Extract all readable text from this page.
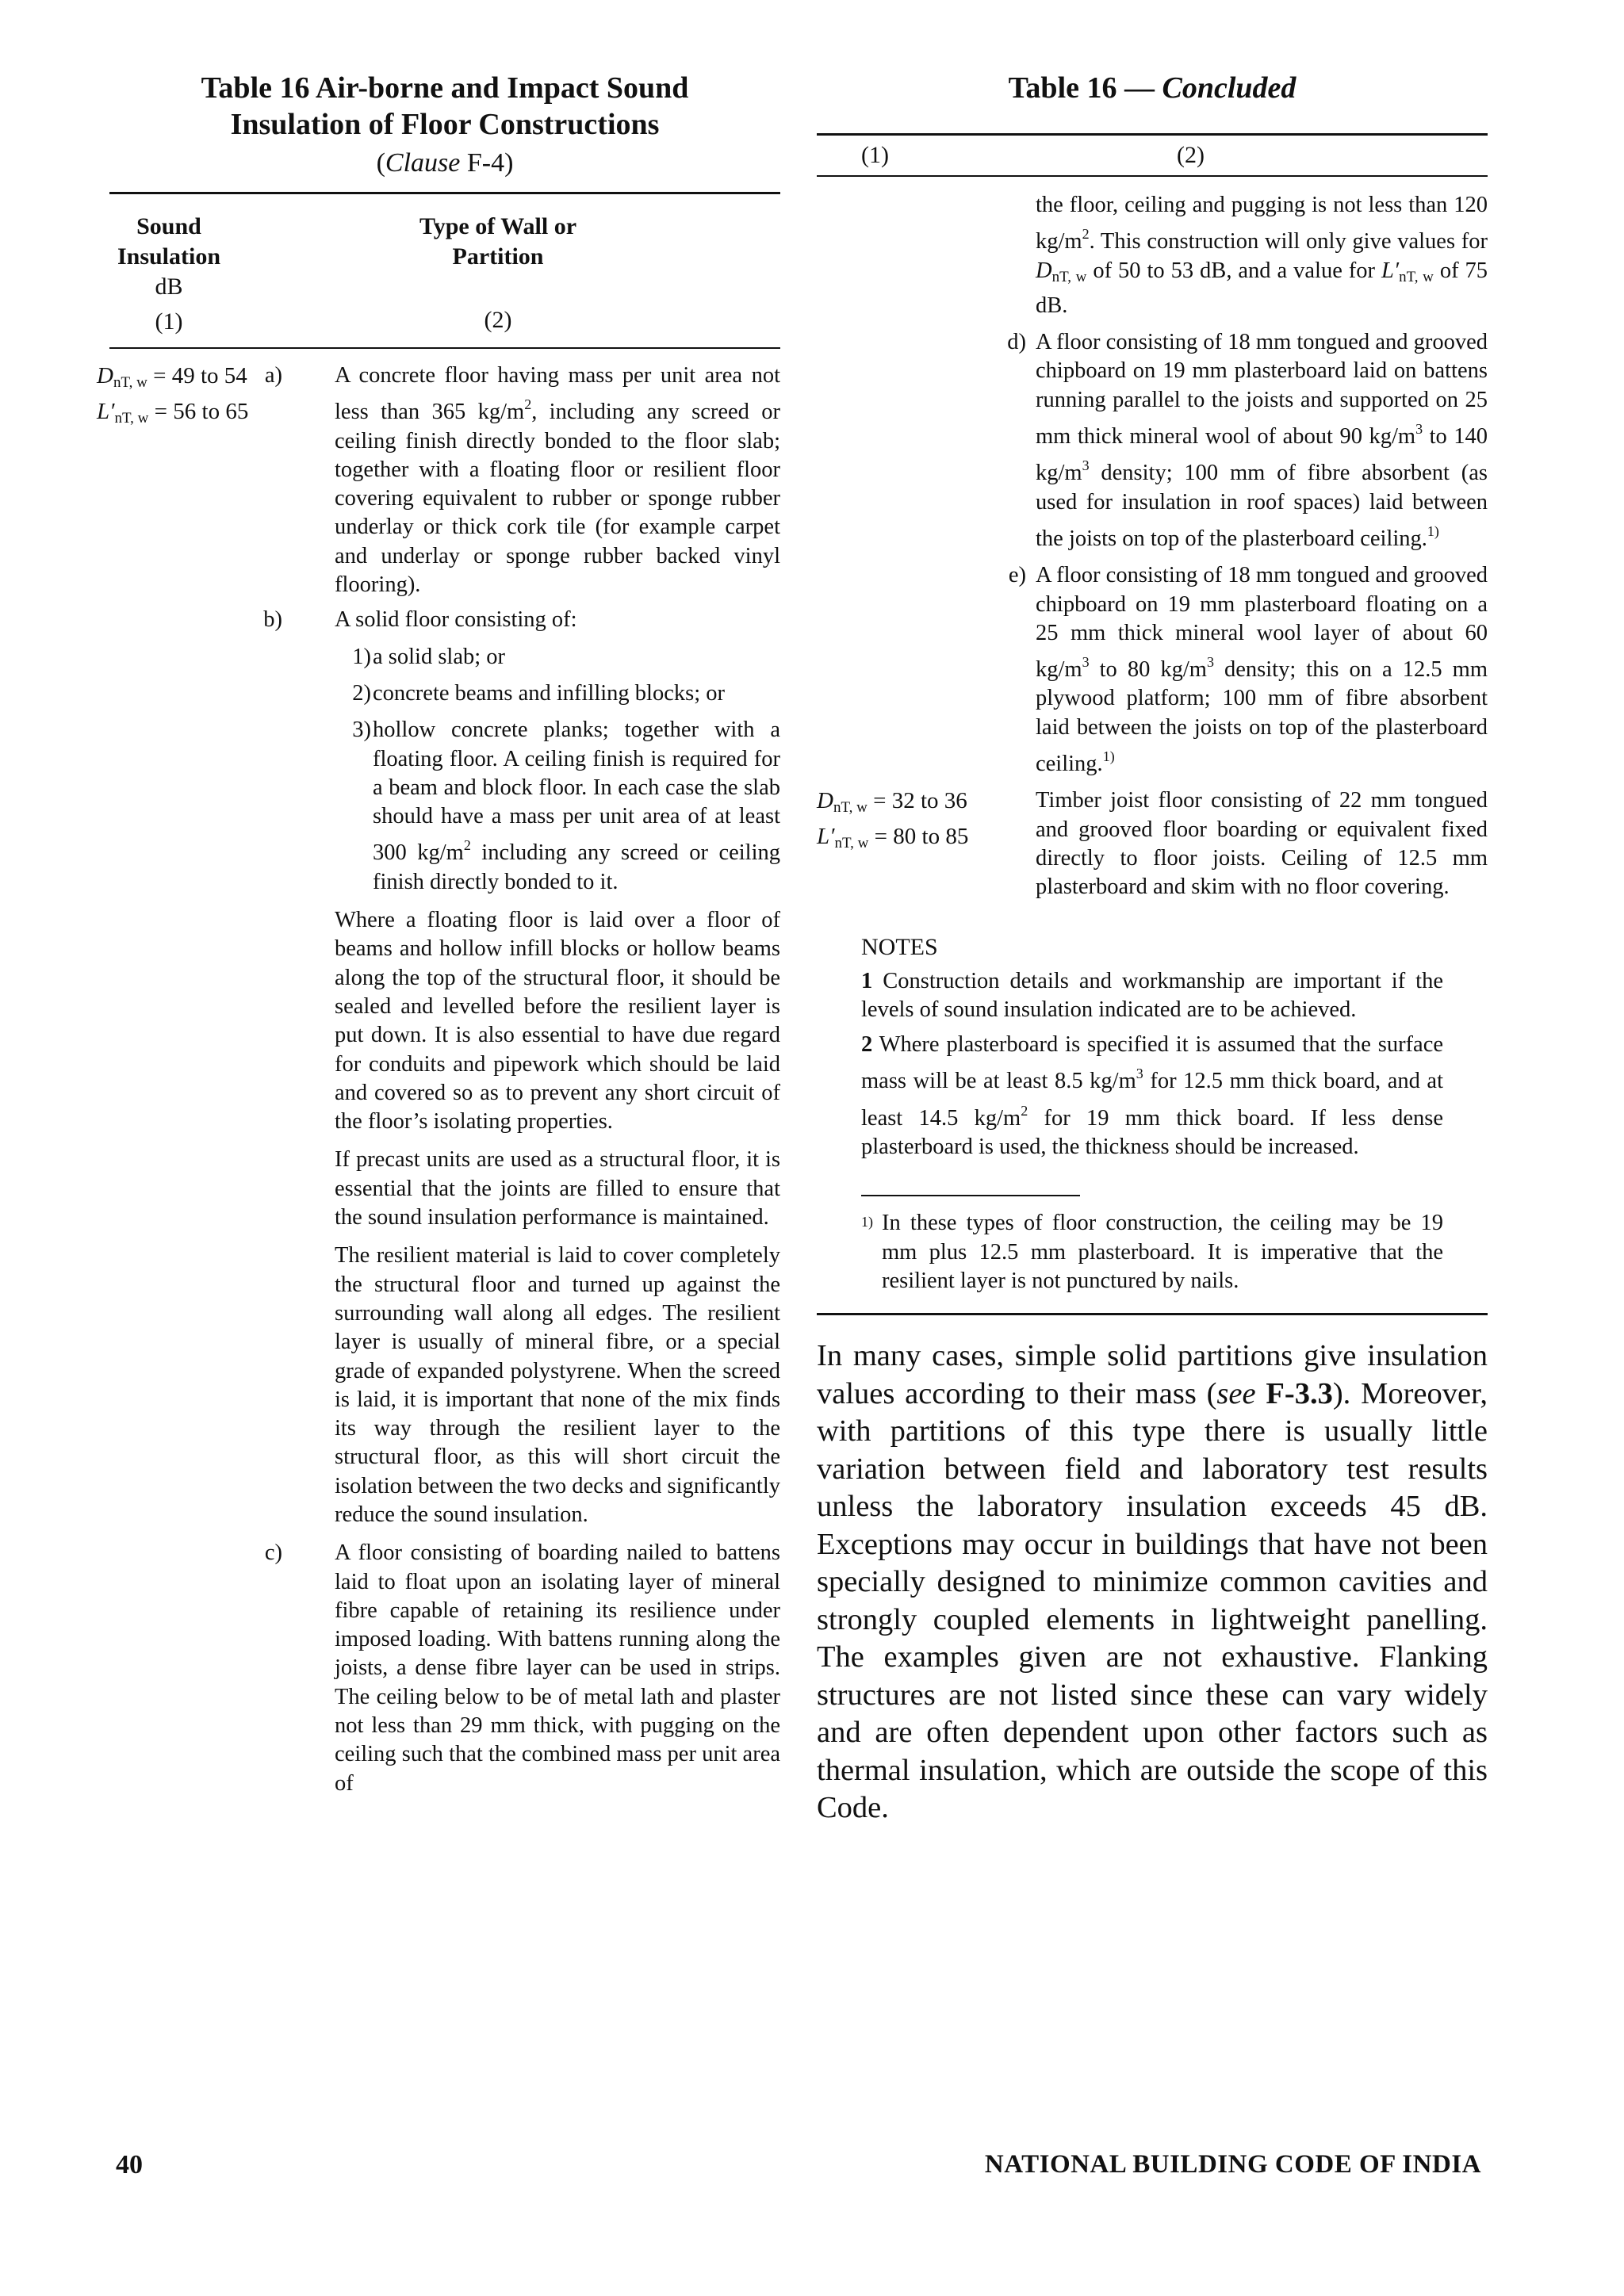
Table 16 Air-borne and Impact Sound
Insulation of Floor Constructions
(Clause F-4)
Sound
Insulation
dB
(1)
Type of Wall or Partition
(2)
$D_{nT, w} = 49$ to 54
$L'_{nT, w} = 56$ to 65
a) A concrete floor having mass per unit area not less than 365 $kg/m^2$, including any screed or ceiling finish directly bonded to the floor slab; together with a floating floor or resilient floor covering equivalent to rubber or sponge rubber underlay or thick cork tile (for example carpet and underlay or sponge rubber backed vinyl flooring).
b) A solid floor consisting of:
1) a solid slab; or
2) concrete beams and infilling blocks; or
3) hollow concrete planks; together with a floating floor. A ceiling finish is required for a beam and block floor. In each case the slab should have a mass per unit area of at least 300 $kg/m^2$ including any screed or ceiling finish directly bonded to it.
Where a floating floor is laid over a floor of beams and hollow infill blocks or hollow beams along the top of the structural floor, it should be sealed and levelled before the resilient layer is put down. It is also essential to have due regard for conduits and pipework which should be laid and covered so as to prevent any short circuit of the floor’s isolating properties.
If precast units are used as a structural floor, it is essential that the joints are filled to ensure that the sound insulation performance is maintained.
The resilient material is laid to cover completely the structural floor and turned up against the surrounding wall along all edges. The resilient layer is usually of mineral fibre, or a special grade of expanded polystyrene. When the screed is laid, it is important that none of the mix finds its way through the resilient layer to the structural floor, as this will short circuit the isolation between the two decks and significantly reduce the sound insulation.
c) A floor consisting of boarding nailed to battens laid to float upon an isolating layer of mineral fibre capable of retaining its resilience under imposed loading. With battens running along the joists, a dense fibre layer can be used in strips. The ceiling below to be of metal lath and plaster not less than 29 mm thick, with pugging on the ceiling such that the combined mass per unit area of
Table 16 — Concluded
(1)	(2)
the floor, ceiling and pugging is not less than 120 $kg/m^2$. This construction will only give values for $D_{nT, w}$ of 50 to 53 dB, and a value for $L'_{nT, w}$ of 75 dB.
d) A floor consisting of 18 mm tongued and grooved chipboard on 19 mm plasterboard laid on battens running parallel to the joists and supported on 25 mm thick mineral wool of about 90 $kg/m^3$ to 140 $kg/m^3$ density; 100 mm of fibre absorbent (as used for insulation in roof spaces) laid between the joists on top of the plasterboard ceiling.$^{1)}$
e) A floor consisting of 18 mm tongued and grooved chipboard on 19 mm plasterboard floating on a 25 mm thick mineral wool layer of about 60 $kg/m^3$ to 80 $kg/m^3$ density; this on a 12.5 mm plywood platform; 100 mm of fibre absorbent laid between the joists on top of the plasterboard ceiling.$^{1)}$
$D_{nT, w} = 32$ to 36
$L'_{nT, w} = 80$ to 85
Timber joist floor consisting of 22 mm tongued and grooved floor boarding or equivalent fixed directly to floor joists. Ceiling of 12.5 mm plasterboard and skim with no floor covering.
NOTES
1 Construction details and workmanship are important if the levels of sound insulation indicated are to be achieved.
2 Where plasterboard is specified it is assumed that the surface mass will be at least 8.5 $kg/m^3$ for 12.5 mm thick board, and at least 14.5 $kg/m^2$ for 19 mm thick board. If less dense plasterboard is used, the thickness should be increased.
1) In these types of floor construction, the ceiling may be 19 mm plus 12.5 mm plasterboard. It is imperative that the resilient layer is not punctured by nails.
In many cases, simple solid partitions give insulation values according to their mass (see F-3.3). Moreover, with partitions of this type there is usually little variation between field and laboratory test results unless the laboratory insulation exceeds 45 dB. Exceptions may occur in buildings that have not been specially designed to minimize common cavities and strongly coupled elements in lightweight panelling. The examples given are not exhaustive. Flanking structures are not listed since these can vary widely and are often dependent upon other factors such as thermal insulation, which are outside the scope of this Code.
40	NATIONAL BUILDING CODE OF INDIA
